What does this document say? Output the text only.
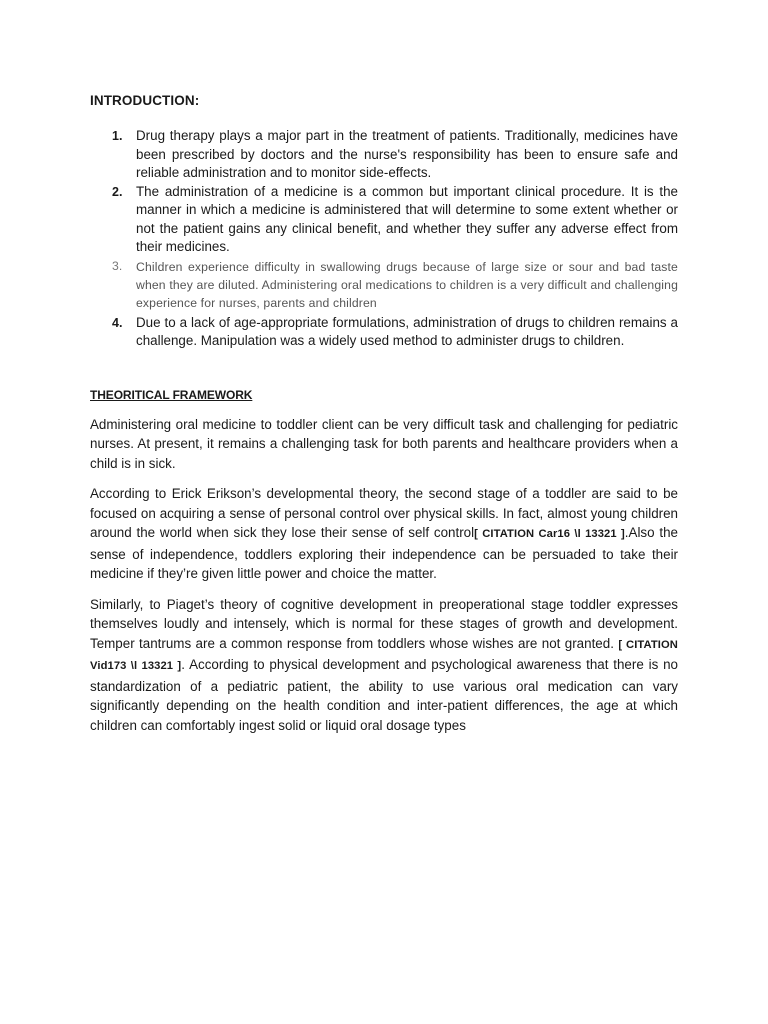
INTRODUCTION:
1. Drug therapy plays a major part in the treatment of patients. Traditionally, medicines have been prescribed by doctors and the nurse's responsibility has been to ensure safe and reliable administration and to monitor side-effects.
2. The administration of a medicine is a common but important clinical procedure. It is the manner in which a medicine is administered that will determine to some extent whether or not the patient gains any clinical benefit, and whether they suffer any adverse effect from their medicines.
3. Children experience difficulty in swallowing drugs because of large size or sour and bad taste when they are diluted. Administering oral medications to children is a very difficult and challenging experience for nurses, parents and children
4. Due to a lack of age-appropriate formulations, administration of drugs to children remains a challenge. Manipulation was a widely used method to administer drugs to children.
THEORITICAL FRAMEWORK

Administering oral medicine to toddler client can be very difficult task and challenging for pediatric nurses. At present, it remains a challenging task for both parents and healthcare providers when a child is in sick.

According to Erick Erikson’s developmental theory, the second stage of a toddler are said to be focused on acquiring a sense of personal control over physical skills. In fact, almost young children around the world when sick they lose their sense of self control[ CITATION Car16 \l 13321 ].Also the sense of independence, toddlers exploring their independence can be persuaded to take their medicine if they’re given little power and choice the matter.

Similarly, to Piaget’s theory of cognitive development in preoperational stage toddler expresses themselves loudly and intensely, which is normal for these stages of growth and development. Temper tantrums are a common response from toddlers whose wishes are not granted. [ CITATION Vid173 \l 13321 ]. According to physical development and psychological awareness that there is no standardization of a pediatric patient, the ability to use various oral medication can vary significantly depending on the health condition and inter-patient differences, the age at which children can comfortably ingest solid or liquid oral dosage types
